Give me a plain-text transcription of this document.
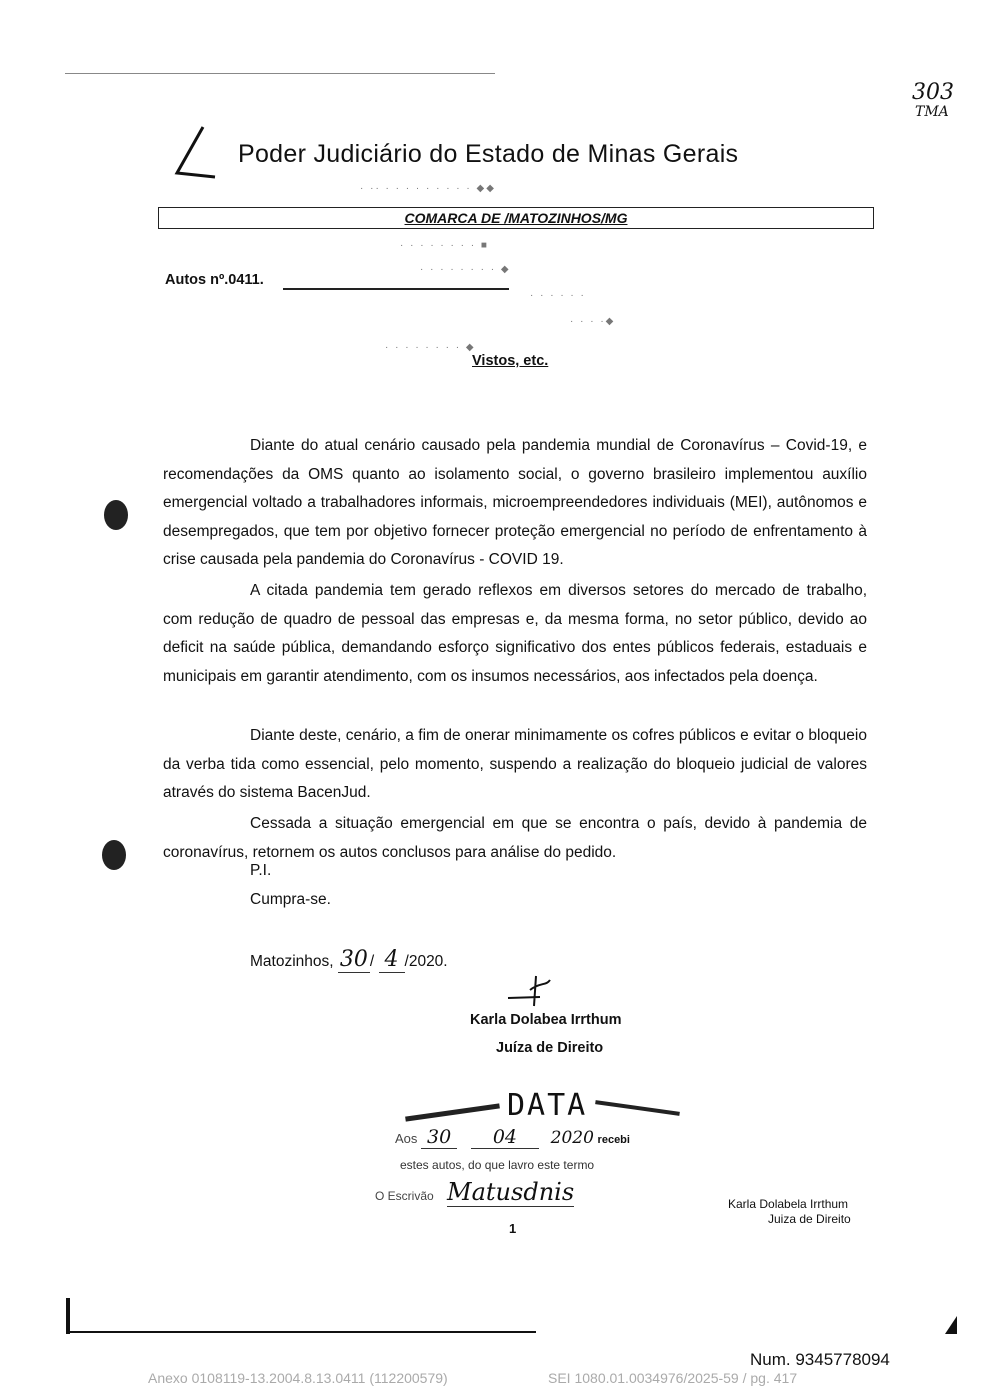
303
TMA
Poder Judiciário do Estado de Minas Gerais
· ·· · · · · · · · · · ◆◆
COMARCA DE /MATOZINHOS/MG
· · · · · · · · ■
· · · · · · · · ◆
· · · · · ·
· · · ·◆
· · · · · · · · ◆
Autos nº.0411.
Vistos, etc.

Diante do atual cenário causado pela pandemia mundial de Coronavírus – Covid-19, e recomendações da OMS quanto ao isolamento social, o governo brasileiro implementou auxílio emergencial voltado a trabalhadores informais, microempreendedores individuais (MEI), autônomos e desempregados, que tem por objetivo fornecer proteção emergencial no período de enfrentamento à crise causada pela pandemia do Coronavírus - COVID 19.

A citada pandemia tem gerado reflexos em diversos setores do mercado de trabalho, com redução de quadro de pessoal das empresas e, da mesma forma, no setor público, devido ao deficit na saúde pública, demandando esforço significativo dos entes públicos federais, estaduais e municipais em garantir atendimento, com os insumos necessários, aos infectados pela doença.

Diante deste, cenário, a fim de onerar minimamente os cofres públicos e evitar o bloqueio da verba tida como essencial, pelo momento, suspendo a realização do bloqueio judicial de valores através do sistema BacenJud.

Cessada a situação emergencial em que se encontra o país, devido à pandemia de coronavírus, retornem os autos conclusos para análise do pedido.

P.I.
Cumpra-se.
Matozinhos, 30 / 4 /2020.
Karla Dolabea Irrthum
Juíza de Direito
DATA
Aos 30 04 2020 recebi
estes autos, do que lavro este termo
O Escrivão Matusdnis	Karla Dolabela Irrthum
Juiza de Direito
1
Num. 9345778094
Anexo 0108119-13.2004.8.13.0411 (112200579)	SEI 1080.01.0034976/2025-59 / pg. 417
